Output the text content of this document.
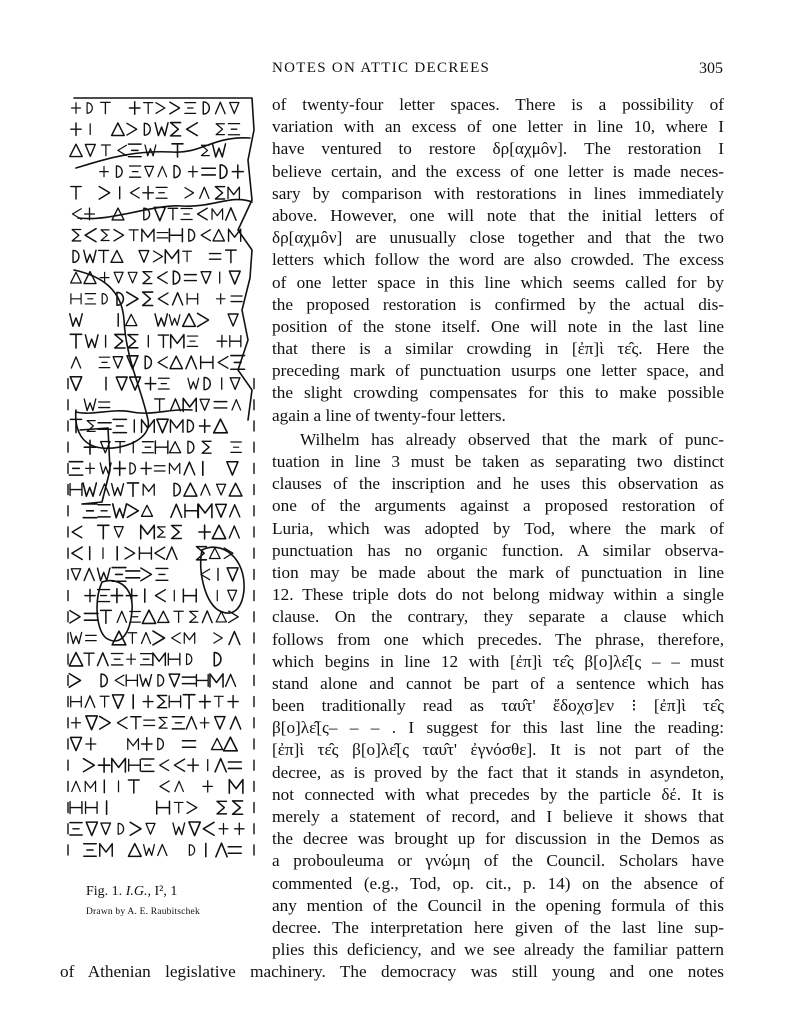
NOTES ON ATTIC DECREES	305
Fig. 1. I.G., I², 1
Drawn by A. E. Raubitschek
of twenty-four letter spaces. There is a possibility of
variation with an excess of one letter in line 10, where I
have ventured to restore δρ[αχμôν]. The restoration I
believe certain, and the excess of one letter is made neces-
sary by comparison with restorations in lines immediately
above. However, one will note that the initial letters of
δρ[αχμôν] are unusually close together and that the two
letters which follow the word are also crowded. The excess
of one letter space in this line which seems called for by
the proposed restoration is confirmed by the actual dis-
position of the stone itself. One will note in the last line
that there is a similar crowding in [ἐπ]ὶ τε̂ς. Here the
preceding mark of punctuation usurps one letter space, and
the slight crowding compensates for this to make possible
again a line of twenty-four letters.
Wilhelm has already observed that the mark of punc-
tuation in line 3 must be taken as separating two distinct
clauses of the inscription and he uses this observation as
one of the arguments against a proposed restoration of
Luria, which was adopted by Tod, where the mark of
punctuation has no organic function. A similar observa-
tion may be made about the mark of punctuation in line
12. These triple dots do not belong midway within a single
clause. On the contrary, they separate a clause which
follows from one which precedes. The phrase, therefore,
which begins in line 12 with [ἐπ]ὶ τε̂ς β[ο]λε̂[ς – – must
stand alone and cannot be part of a sentence which has
been traditionally read as ταυ̂τ' ἔδοχσ]εν ⁝ [ἐπ]ὶ τε̂ς
β[ο]λε̂[ς– – – . I suggest for this last line the reading:
[ἐπ]ὶ τε̂ς β[ο]λε̂[ς ταυ̂τ' ἐγνόσθε]. It is not part of the
decree, as is proved by the fact that it stands in asyndeton,
not connected with what precedes by the particle δέ. It is
merely a statement of record, and I believe it shows that
the decree was brought up for discussion in the Demos as
a probouleuma or γνώμη of the Council. Scholars have
commented (e.g., Tod, op. cit., p. 14) on the absence of
any mention of the Council in the opening formula of this
decree. The interpretation here given of the last line sup-
plies this deficiency, and we see already the familiar pattern
of Athenian legislative machinery. The democracy was still young and one notes
